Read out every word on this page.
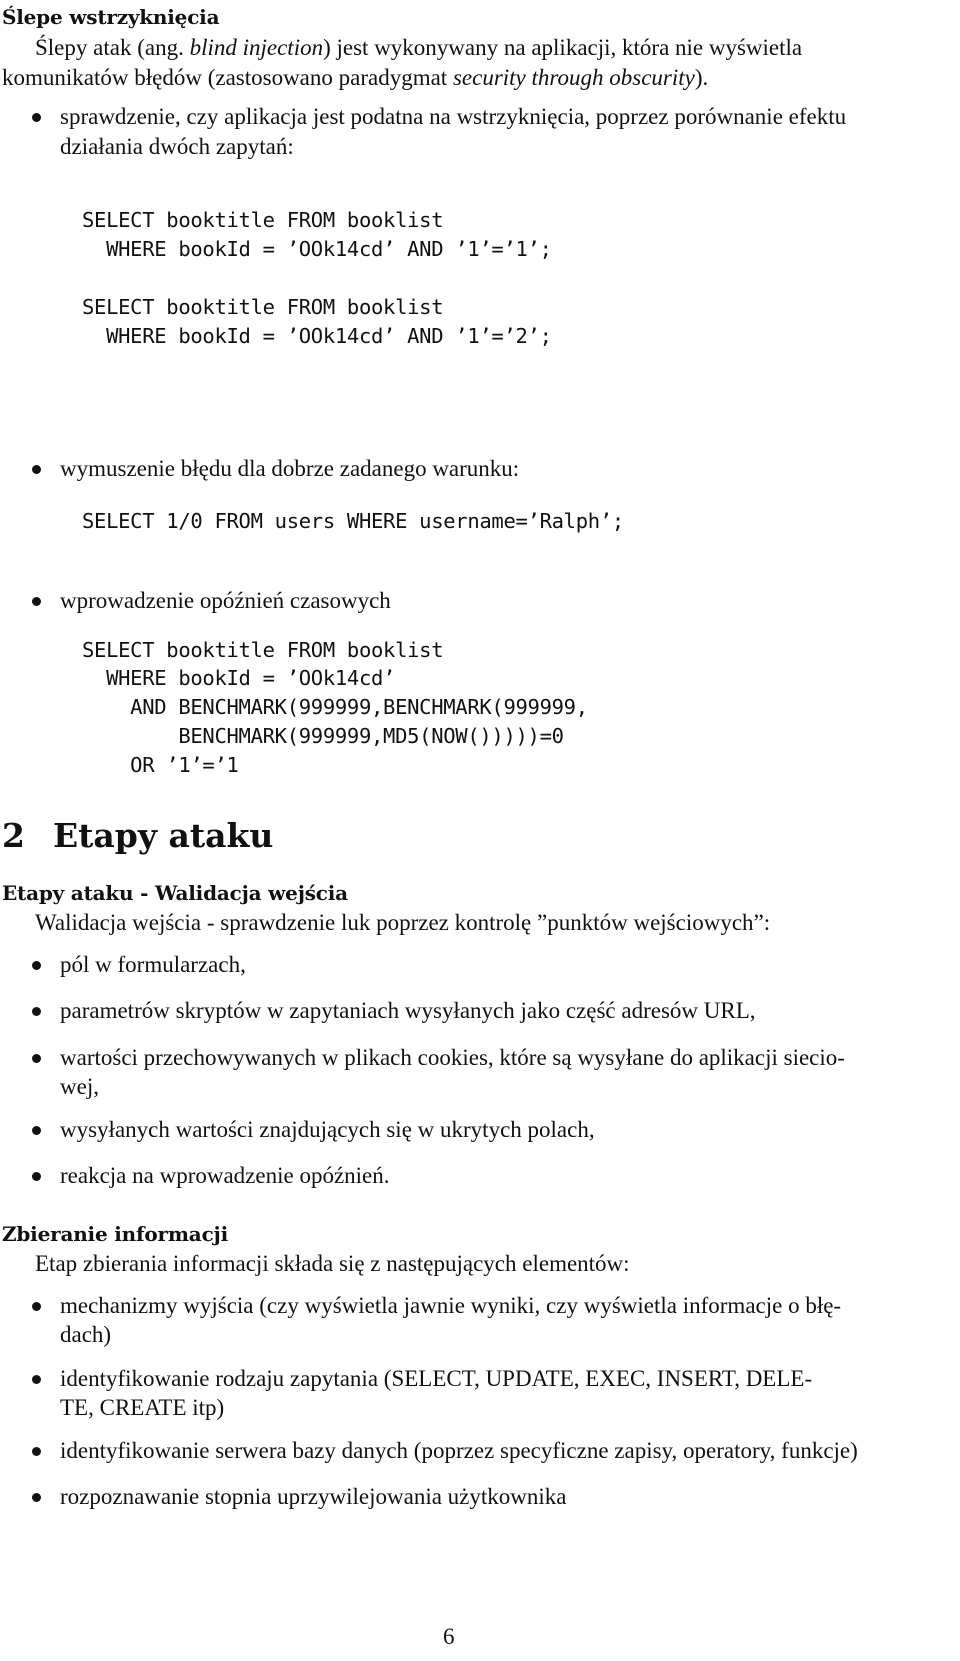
Ślepe wstrzyknięcia
Ślepy atak (ang. blind injection) jest wykonywany na aplikacji, która nie wyświetla
komunikatów błędów (zastosowano paradygmat security through obscurity).
sprawdzenie, czy aplikacja jest podatna na wstrzyknięcia, poprzez porównanie efektu
działania dwóch zapytań:
SELECT booktitle FROM booklist
WHERE bookId = ’OOk14cd’ AND ’1’=’1’;
SELECT booktitle FROM booklist
WHERE bookId = ’OOk14cd’ AND ’1’=’2’;
wymuszenie błędu dla dobrze zadanego warunku:
SELECT 1/0 FROM users WHERE username=’Ralph’;
wprowadzenie opóźnień czasowych
SELECT booktitle FROM booklist
WHERE bookId = ’OOk14cd’
AND BENCHMARK(999999,BENCHMARK(999999,
BENCHMARK(999999,MD5(NOW()))))=0
OR ’1’=’1
2 Etapy ataku
Etapy ataku - Walidacja wejścia
Walidacja wejścia - sprawdzenie luk poprzez kontrolę ”punktów wejściowych”:
pól w formularzach,
parametrów skryptów w zapytaniach wysyłanych jako część adresów URL,
wartości przechowywanych w plikach cookies, które są wysyłane do aplikacji siecio-
wej,
wysyłanych wartości znajdujących się w ukrytych polach,
reakcja na wprowadzenie opóźnień.
Zbieranie informacji
Etap zbierania informacji składa się z następujących elementów:
mechanizmy wyjścia (czy wyświetla jawnie wyniki, czy wyświetla informacje o błę-
dach)
identyfikowanie rodzaju zapytania (SELECT, UPDATE, EXEC, INSERT, DELE-
TE, CREATE itp)
identyfikowanie serwera bazy danych (poprzez specyficzne zapisy, operatory, funkcje)
rozpoznawanie stopnia uprzywilejowania użytkownika
6
